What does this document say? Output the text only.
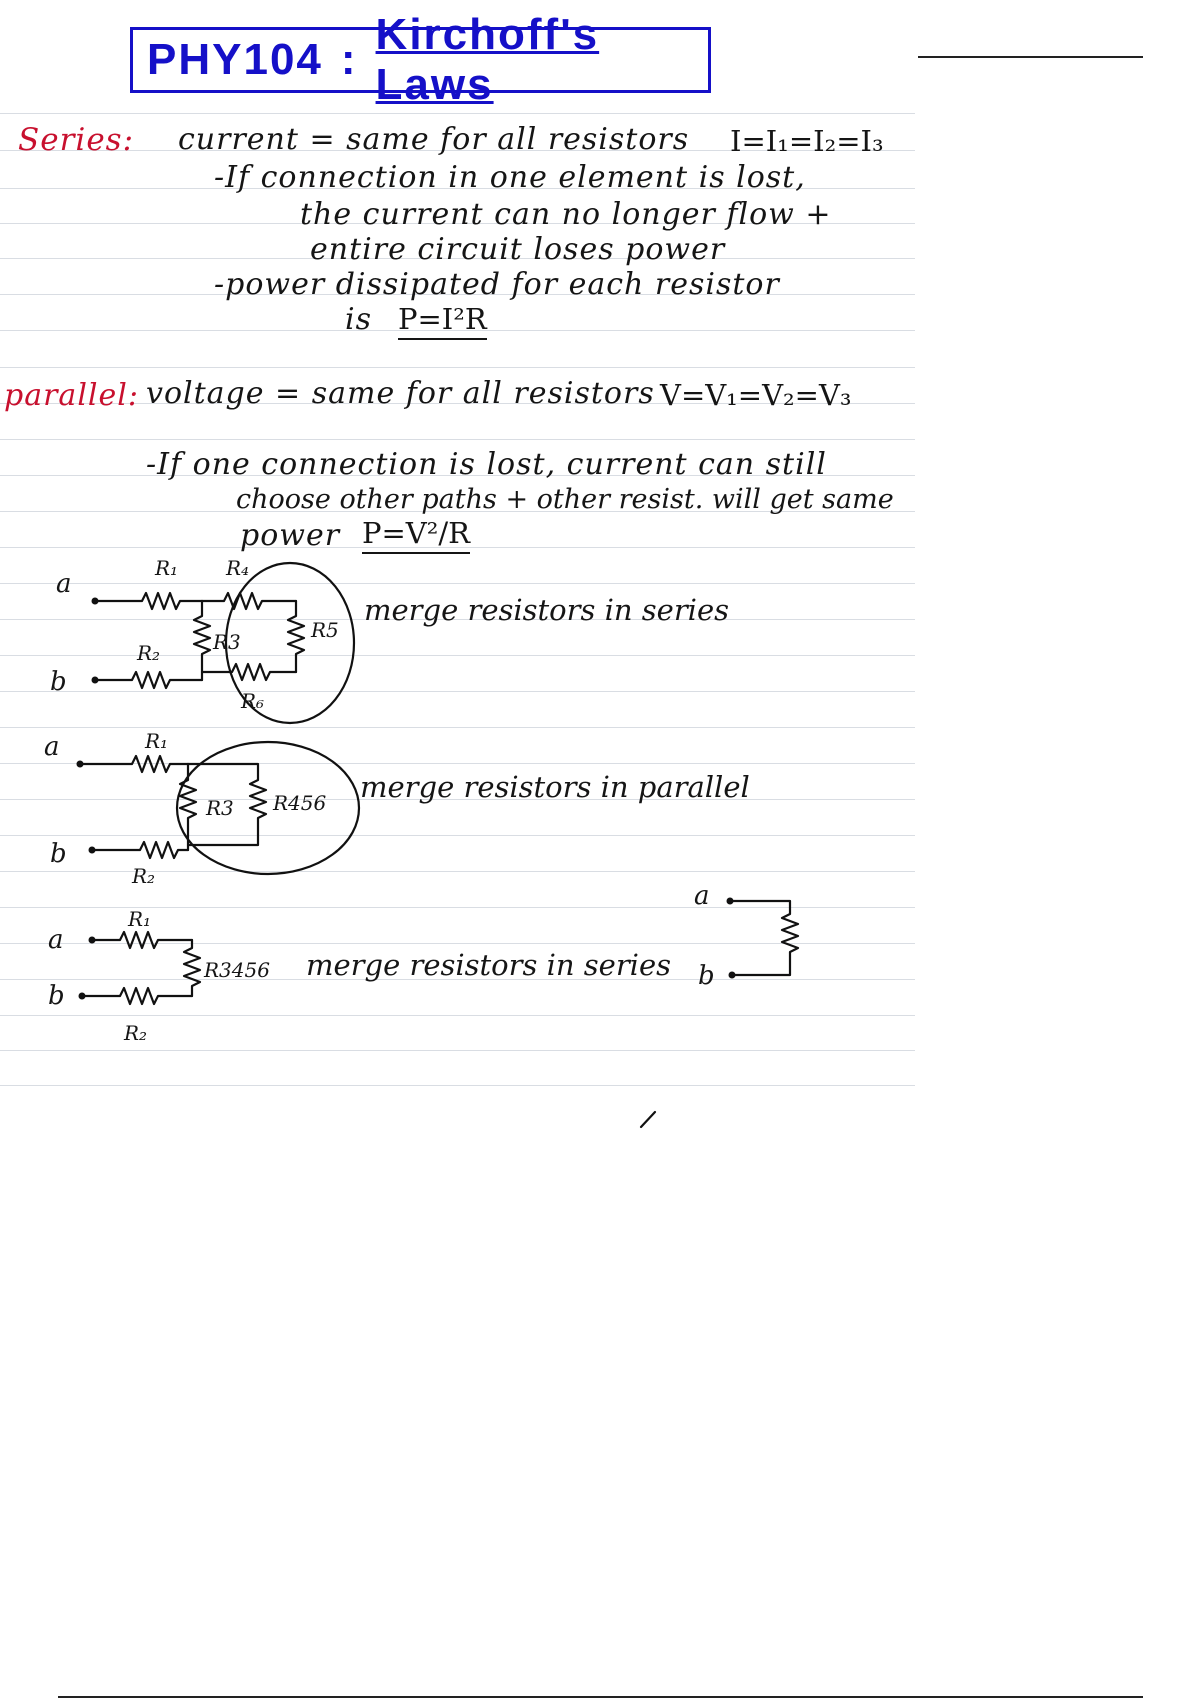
PHY104 :
Kirchoff's Laws
Series: current = same for all resistors I=I₁=I₂=I₃
-If connection in one element is lost,
the current can no longer flow +
entire circuit loses power
-power dissipated for each resistor
is P=I²R
parallel: voltage = same for all resistors V=V₁=V₂=V₃
-If one connection is lost, current can still
choose other paths + other resist. will get same
power P=V²/R
a
b
R₁ R₄
R₂	R3	R5
R₆
merge resistors in series
a
b
R₁
R₂
R3 R456 merge resistors in parallel
a
b
R₁
R₂
R3456 merge resistors in series
a
b
